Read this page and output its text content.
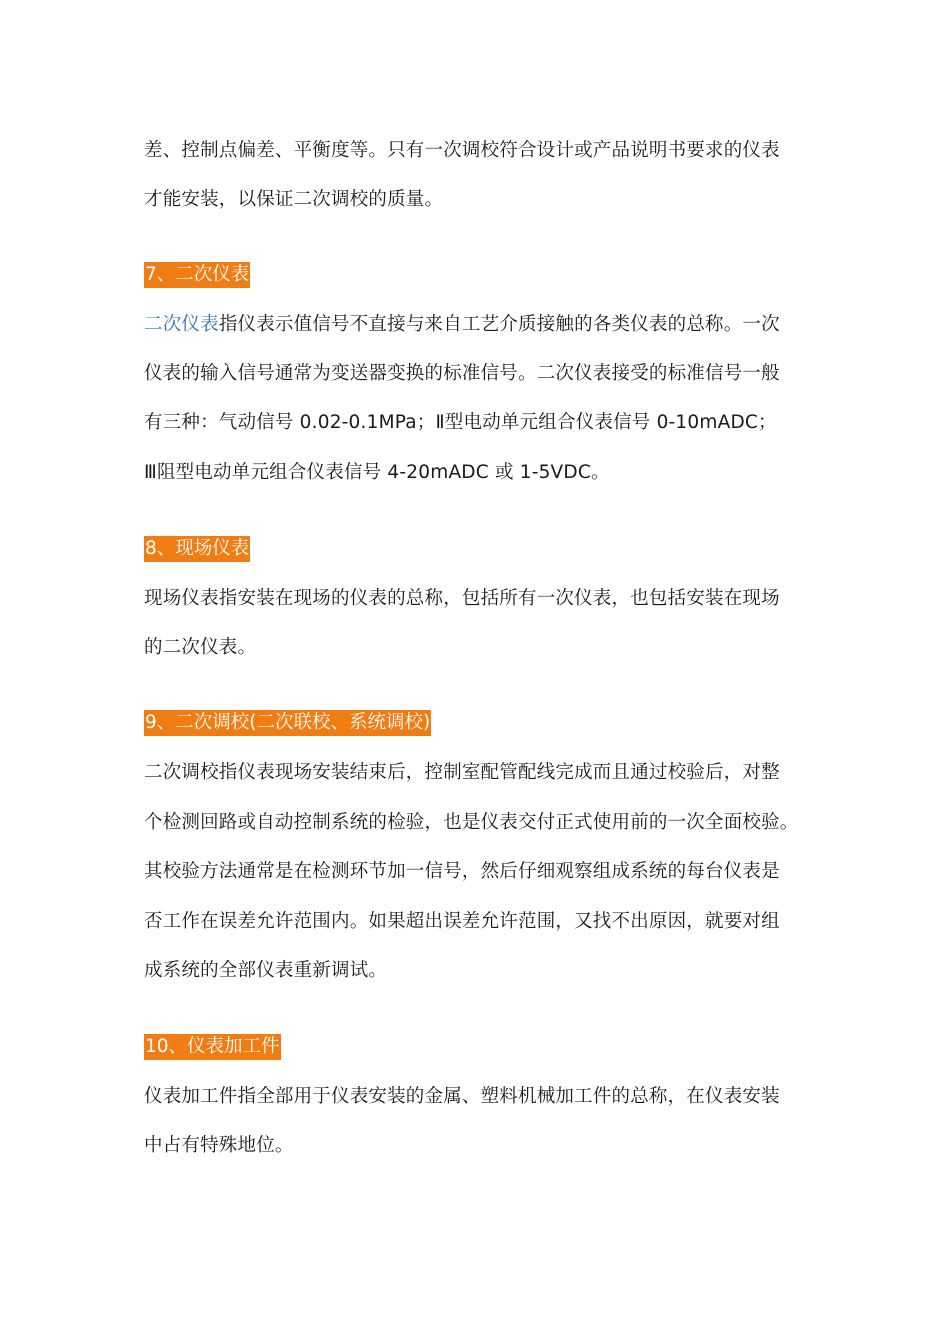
差、控制点偏差、平衡度等。只有一次调校符合设计或产品说明书要求的仪表

才能安装，以保证二次调校的质量。

7、二次仪表

二次仪表指仪表示值信号不直接与来自工艺介质接触的各类仪表的总称。一次

仪表的输入信号通常为变送器变换的标准信号。二次仪表接受的标准信号一般

有三种：气动信号 0.02-0.1MPa；Ⅱ型电动单元组合仪表信号 0-10mADC；

Ⅲ阻型电动单元组合仪表信号 4-20mADC 或 1-5VDC。

8、现场仪表

现场仪表指安装在现场的仪表的总称，包括所有一次仪表，也包括安装在现场

的二次仪表。

9、二次调校(二次联校、系统调校)

二次调校指仪表现场安装结束后，控制室配管配线完成而且通过校验后，对整

个检测回路或自动控制系统的检验，也是仪表交付正式使用前的一次全面校验。

其校验方法通常是在检测环节加一信号，然后仔细观察组成系统的每台仪表是

否工作在误差允许范围内。如果超出误差允许范围，又找不出原因，就要对组

成系统的全部仪表重新调试。

10、仪表加工件

仪表加工件指全部用于仪表安装的金属、塑料机械加工件的总称，在仪表安装

中占有特殊地位。
